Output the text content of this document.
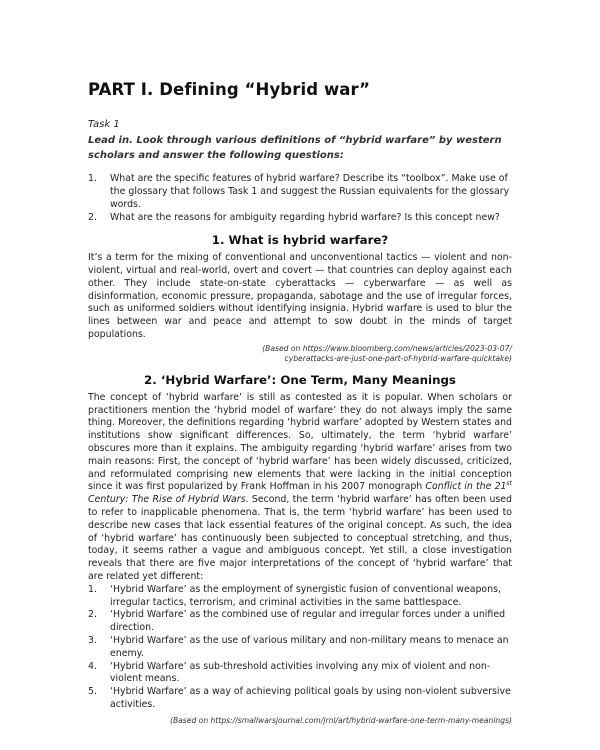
PART I. Defining “Hybrid war”
Task 1
Lead in. Look through various definitions of “hybrid warfare” by western scholars and answer the following questions:
1. What are the specific features of hybrid warfare? Describe its “toolbox”. Make use of the glossary that follows Task 1 and suggest the Russian equivalents for the glossary words.
2. What are the reasons for ambiguity regarding hybrid warfare? Is this concept new?
1. What is hybrid warfare?

It’s a term for the mixing of conventional and unconventional tactics — violent and non-violent, virtual and real-world, overt and covert — that countries can deploy against each other. They include state-on-state cyberattacks — cyberwarfare — as well as disinformation, economic pressure, propaganda, sabotage and the use of irregular forces, such as uniformed soldiers without identifying insignia. Hybrid warfare is used to blur the lines between war and peace and attempt to sow doubt in the minds of target populations.

(Based on https://www.bloomberg.com/news/articles/2023-03-07/
cyberattacks-are-just-one-part-of-hybrid-warfare-quicktake)
2. ‘Hybrid Warfare’: One Term, Many Meanings

The concept of ‘hybrid warfare’ is still as contested as it is popular. When scholars or practitioners mention the ‘hybrid model of warfare’ they do not always imply the same thing. Moreover, the definitions regarding ‘hybrid warfare’ adopted by Western states and institutions show significant differences. So, ultimately, the term ‘hybrid warfare’ obscures more than it explains. The ambiguity regarding ‘hybrid warfare’ arises from two main reasons: First, the concept of ‘hybrid warfare’ has been widely discussed, criticized, and reformulated comprising new elements that were lacking in the initial conception since it was first popularized by Frank Hoffman in his 2007 monograph Conflict in the 21st Century: The Rise of Hybrid Wars. Second, the term ‘hybrid warfare’ has often been used to refer to inapplicable phenomena. That is, the term ‘hybrid warfare’ has been used to describe new cases that lack essential features of the original concept. As such, the idea of ‘hybrid warfare’ has continuously been subjected to conceptual stretching, and thus, today, it seems rather a vague and ambiguous concept. Yet still, a close investigation reveals that there are five major interpretations of the concept of ‘hybrid warfare’ that are related yet different:

1. ‘Hybrid Warfare’ as the employment of synergistic fusion of conventional weapons, irregular tactics, terrorism, and criminal activities in the same battlespace.
2. ‘Hybrid Warfare’ as the combined use of regular and irregular forces under a unified direction.
3. ‘Hybrid Warfare’ as the use of various military and non-military means to menace an enemy.
4. ‘Hybrid Warfare’ as sub-threshold activities involving any mix of violent and non-violent means.
5. ‘Hybrid Warfare’ as a way of achieving political goals by using non-violent subversive activities.
(Based on https://smallwarsjournal.com/jrnl/art/hybrid-warfare-one-term-many-meanings)
